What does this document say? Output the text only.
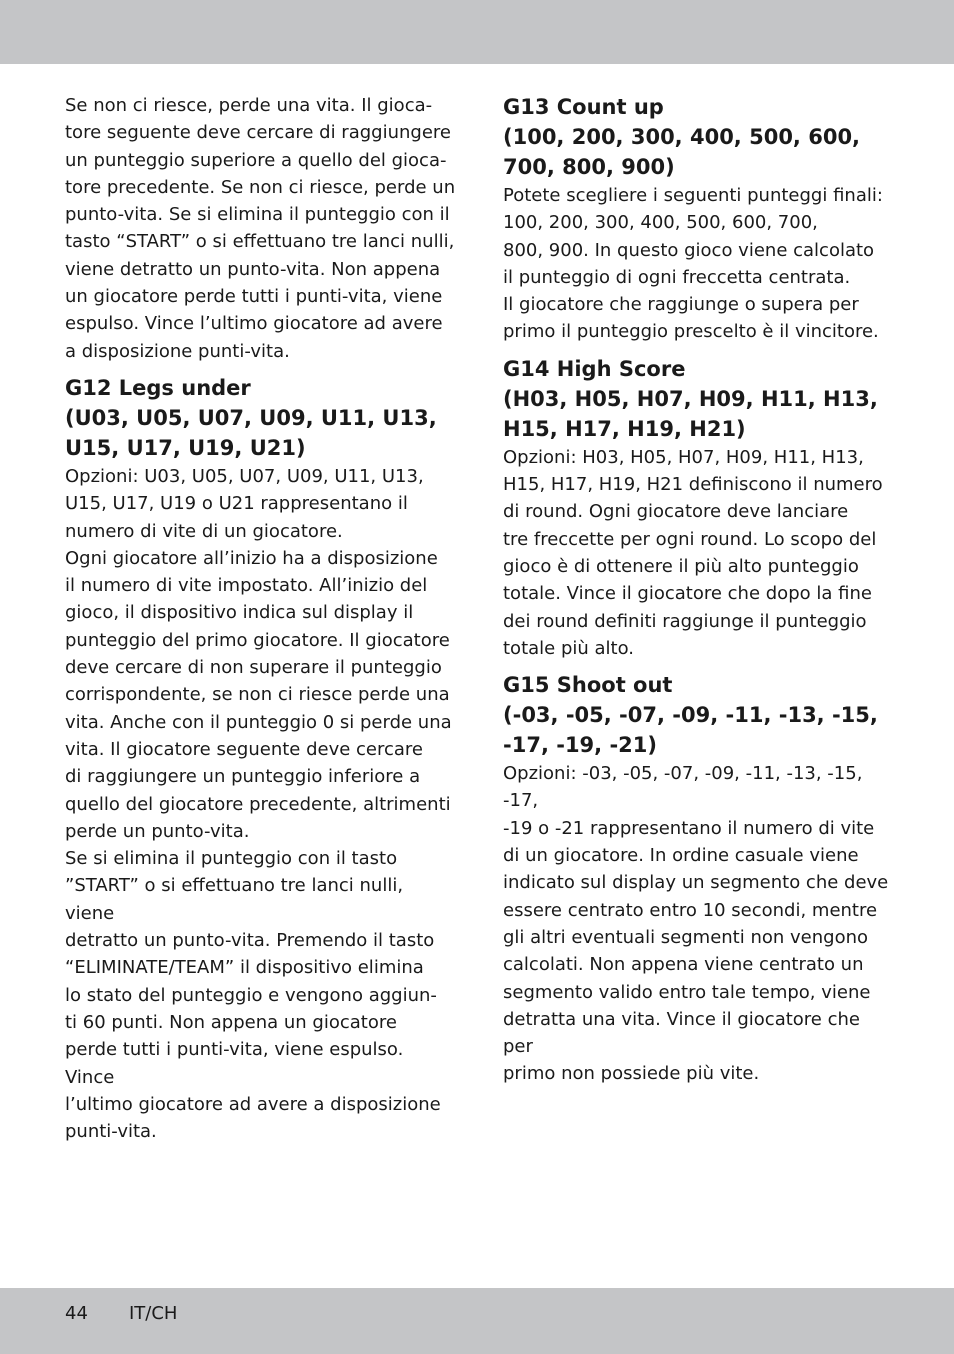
Se non ci riesce, perde una vita. Il gioca-
tore seguente deve cercare di raggiungere
un punteggio superiore a quello del gioca-
tore precedente. Se non ci riesce, perde un
punto-vita. Se si elimina il punteggio con il
tasto “START” o si effettuano tre lanci nulli,
viene detratto un punto-vita. Non appena
un giocatore perde tutti i punti-vita, viene
espulso. Vince l’ultimo giocatore ad avere
a disposizione punti-vita.

G12 Legs under
(U03, U05, U07, U09, U11, U13,
U15, U17, U19, U21)

Opzioni: U03, U05, U07, U09, U11, U13,
U15, U17, U19 o U21 rappresentano il
numero di vite di un giocatore.
Ogni giocatore all’inizio ha a disposizione
il numero di vite impostato. All’inizio del
gioco, il dispositivo indica sul display il
punteggio del primo giocatore. Il giocatore
deve cercare di non superare il punteggio
corrispondente, se non ci riesce perde una
vita. Anche con il punteggio 0 si perde una
vita. Il giocatore seguente deve cercare
di raggiungere un punteggio inferiore a
quello del giocatore precedente, altrimenti
perde un punto-vita.
Se si elimina il punteggio con il tasto
”START” o si effettuano tre lanci nulli, viene
detratto un punto-vita. Premendo il tasto
“ELIMINATE/TEAM” il dispositivo elimina
lo stato del punteggio e vengono aggiun-
ti 60 punti. Non appena un giocatore
perde tutti i punti-vita, viene espulso. Vince
l’ultimo giocatore ad avere a disposizione
punti-vita.

G13 Count up
(100, 200, 300, 400, 500, 600,
700, 800, 900)

Potete scegliere i seguenti punteggi finali:
100, 200, 300, 400, 500, 600, 700,
800, 900. In questo gioco viene calcolato
il punteggio di ogni freccetta centrata.
Il giocatore che raggiunge o supera per
primo il punteggio prescelto è il vincitore.

G14 High Score
(H03, H05, H07, H09, H11, H13,
H15, H17, H19, H21)

Opzioni: H03, H05, H07, H09, H11, H13,
H15, H17, H19, H21 definiscono il numero
di round. Ogni giocatore deve lanciare
tre freccette per ogni round. Lo scopo del
gioco è di ottenere il più alto punteggio
totale. Vince il giocatore che dopo la fine
dei round definiti raggiunge il punteggio
totale più alto.

G15 Shoot out
(-03, -05, -07, -09, -11, -13, -15,
-17, -19, -21)

Opzioni: -03, -05, -07, -09, -11, -13, -15, -17,
-19 o -21 rappresentano il numero di vite
di un giocatore. In ordine casuale viene
indicato sul display un segmento che deve
essere centrato entro 10 secondi, mentre
gli altri eventuali segmenti non vengono
calcolati. Non appena viene centrato un
segmento valido entro tale tempo, viene
detratta una vita. Vince il giocatore che per
primo non possiede più vite.

44 IT/CH
